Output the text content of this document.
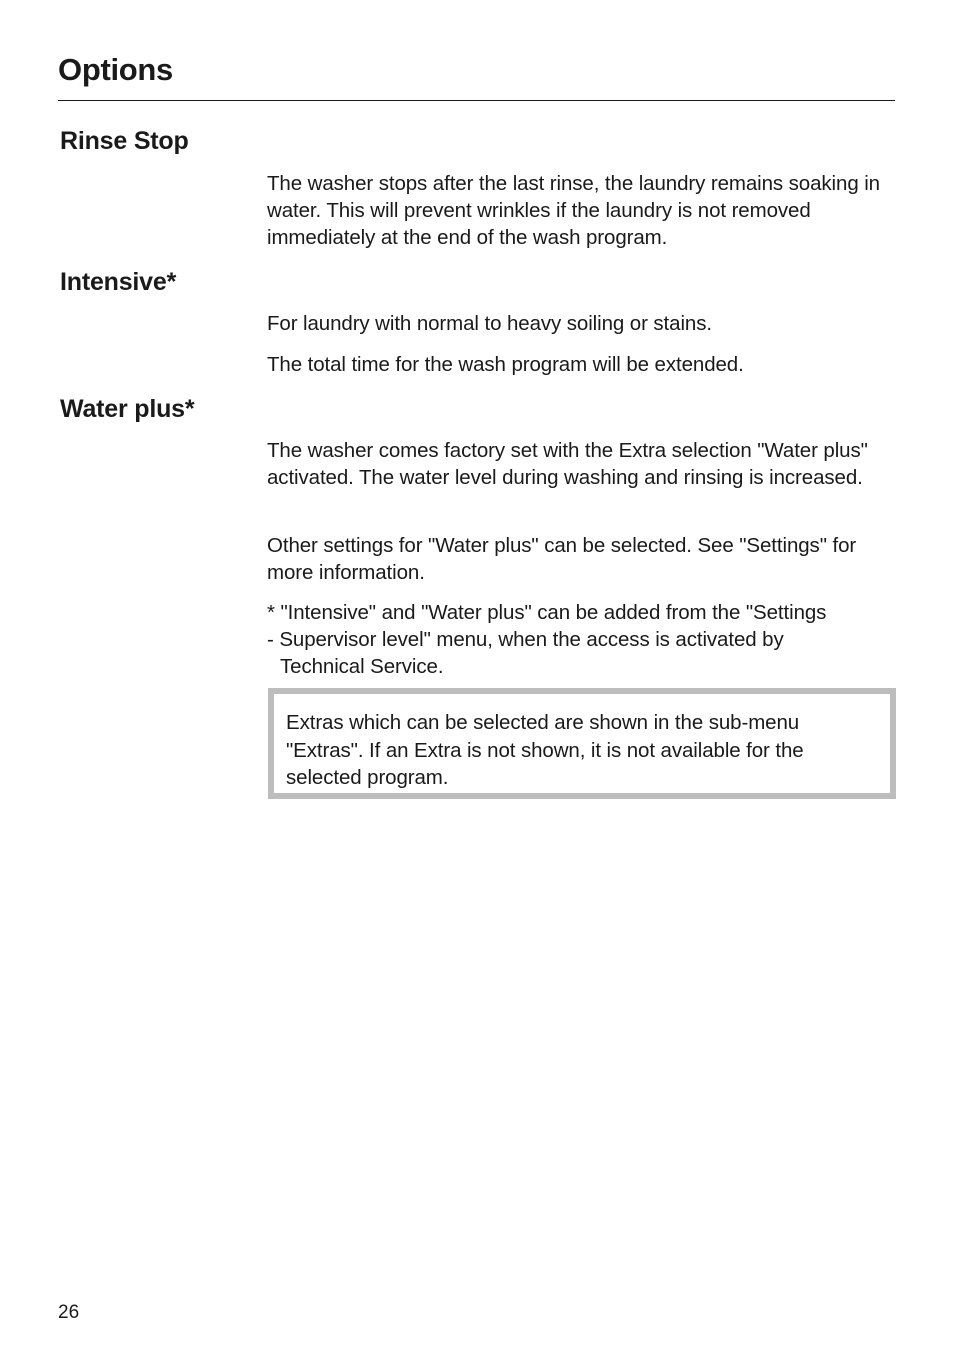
Options
Rinse Stop

The washer stops after the last rinse, the laundry remains soaking in water. This will prevent wrinkles if the laundry is not removed immediately at the end of the wash program.

Intensive*

For laundry with normal to heavy soiling or stains.

The total time for the wash program will be extended.

Water plus*

The washer comes factory set with the Extra selection "Water plus" activated. The water level during washing and rinsing is increased.

Other settings for "Water plus" can be selected. See "Settings" for more information.

* "Intensive" and "Water plus" can be added from the "Settings
- Supervisor level" menu, when the access is activated by
Technical Service.

Extras which can be selected are shown in the sub-menu "Extras". If an Extra is not shown, it is not available for the selected program.

26
